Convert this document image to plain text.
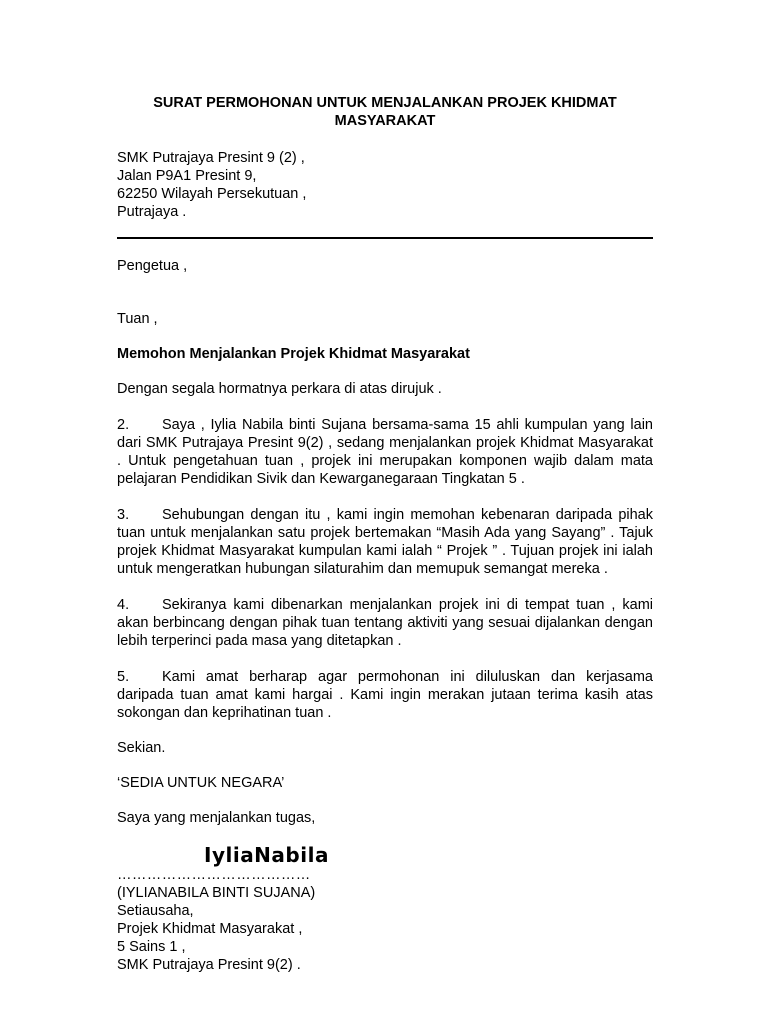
SURAT PERMOHONAN UNTUK MENJALANKAN PROJEK KHIDMAT
MASYARAKAT
SMK Putrajaya Presint 9 (2) ,
Jalan P9A1 Presint 9,
62250 Wilayah Persekutuan ,
Putrajaya .
Pengetua ,
Tuan ,
Memohon Menjalankan Projek Khidmat Masyarakat
Dengan segala hormatnya perkara di atas dirujuk .
2. Saya , Iylia Nabila binti Sujana bersama-sama 15 ahli kumpulan yang lain dari SMK Putrajaya Presint 9(2) , sedang menjalankan projek Khidmat Masyarakat . Untuk pengetahuan tuan , projek ini merupakan komponen wajib dalam mata pelajaran Pendidikan Sivik dan Kewarganegaraan Tingkatan 5 .
3. Sehubungan dengan itu , kami ingin memohan kebenaran daripada pihak tuan untuk menjalankan satu projek bertemakan “Masih Ada yang Sayang” . Tajuk projek Khidmat Masyarakat kumpulan kami ialah “ Projek ” . Tujuan projek ini ialah untuk mengeratkan hubungan silaturahim dan memupuk semangat mereka .
4. Sekiranya kami dibenarkan menjalankan projek ini di tempat tuan , kami akan berbincang dengan pihak tuan tentang aktiviti yang sesuai dijalankan dengan lebih terperinci pada masa yang ditetapkan .
5. Kami amat berharap agar permohonan ini diluluskan dan kerjasama daripada tuan amat kami hargai . Kami ingin merakan jutaan terima kasih atas sokongan dan keprihatinan tuan .
Sekian.
‘SEDIA UNTUK NEGARA’
Saya yang menjalankan tugas,
IyliaNabila
…………………………………
(IYLIANABILA BINTI SUJANA)
Setiausaha,
Projek Khidmat Masyarakat ,
5 Sains 1 ,
SMK Putrajaya Presint 9(2) .
